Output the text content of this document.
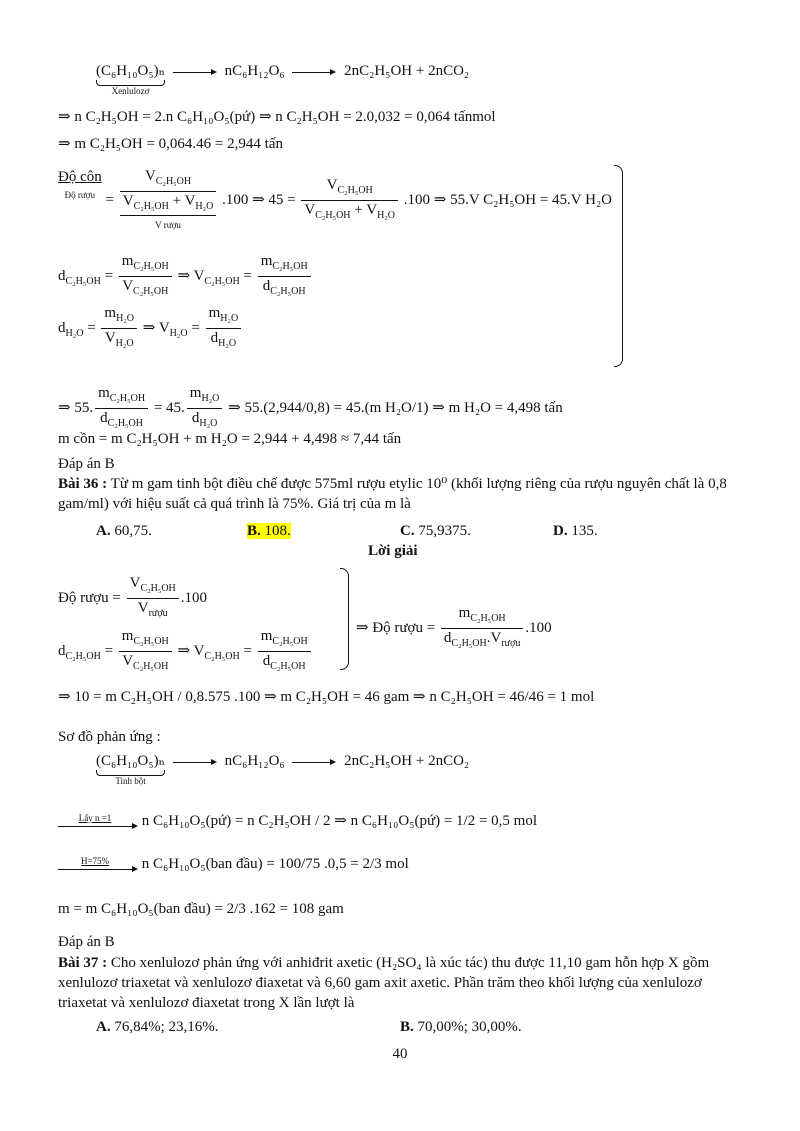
(C₆H₁₀O₅)ₙ
Xenlulozơ
nC₆H₁₂O₆	2nC₂H₅OH + 2nCO₂
⇒ n C₂H₅OH = 2.n C₆H₁₀O₅(pứ) ⇒ n C₂H₅OH = 2.0,032 = 0,064 tấnmol
⇒ m C₂H₅OH = 0,064.46 = 2,944 tấn
Độ côn
Độ rượu =
$V_{C_2H_5OH}$
$V_{C_2H_5OH} + V_{H_2O}$
V rượu
.100 ⇒ $45 = \frac{V_{C_2H_5OH}}{V_{C_2H_5OH} + V_{H_2O}} .100$ ⇒ 55.V C₂H₅OH = 45.V H₂O
$d_{C_2H_5OH} = \frac{m_{C_2H_5OH}}{V_{C_2H_5OH}}$ ⇒ $V_{C_2H_5OH} = \frac{m_{C_2H_5OH}}{d_{C_2H_5OH}}$
$d_{H_2O} = \frac{m_{H_2O}}{V_{H_2O}}$ ⇒ $V_{H_2O} = \frac{m_{H_2O}}{d_{H_2O}}$
⇒ 55. $\frac{m_{C_2H_5OH}}{d_{C_2H_5OH}} = 45$. $\frac{m_{H_2O}}{d_{H_2O}}$ ⇒ 55.(2,944/0,8) = 45.(m H₂O/1) ⇒ m H₂O = 4,498 tấn
m cồn = m C₂H₅OH + m H₂O = 2,944 + 4,498 ≈ 7,44 tấn
Đáp án B
Bài 36 : Từ m gam tinh bột điều chế được 575ml rượu etylic 10⁰ (khối lượng riêng của rượu nguyên chất là 0,8 gam/ml) với hiệu suất cả quá trình là 75%. Giá trị của m là
A. 60,75.	B. 108.	C. 75,9375.	D. 135.
Lời giải
Độ rượu = $\frac{V_{C_2H_5OH}}{V_{rượu}} .100$
$d_{C_2H_5OH} = \frac{m_{C_2H_5OH}}{V_{C_2H_5OH}}$ ⇒ $V_{C_2H_5OH} = \frac{m_{C_2H_5OH}}{d_{C_2H_5OH}}$
⇒ Độ rượu = $\frac{m_{C_2H_5OH}}{d_{C_2H_5OH}.V_{rượu}} .100$
⇒ 10 = m C₂H₅OH / 0,8.575 .100 ⇒ m C₂H₅OH = 46 gam ⇒ n C₂H₅OH = 46/46 = 1 mol
Sơ đồ phản ứng :
(C₆H₁₀O₅)ₙ
Tinh bột
nC₆H₁₂O₆	2nC₂H₅OH + 2nCO₂
Lấy n =1	n C₆H₁₀O₅(pứ) = n C₂H₅OH / 2 ⇒ n C₆H₁₀O₅(pứ) = 1/2 = 0,5 mol
H=75%	n C₆H₁₀O₅(ban đầu) = 100/75 .0,5 = 2/3 mol
m = m C₆H₁₀O₅(ban đầu) = 2/3 .162 = 108 gam
Đáp án B
Bài 37 : Cho xenlulozơ phản ứng với anhiđrit axetic (H₂SO₄ là xúc tác) thu được 11,10 gam hỗn hợp X gồm xenlulozơ triaxetat và xenlulozơ điaxetat và 6,60 gam axit axetic. Phần trăm theo khối lượng của xenlulozơ triaxetat và xenlulozơ điaxetat trong X lần lượt là
A. 76,84%; 23,16%.	B. 70,00%; 30,00%.
40
